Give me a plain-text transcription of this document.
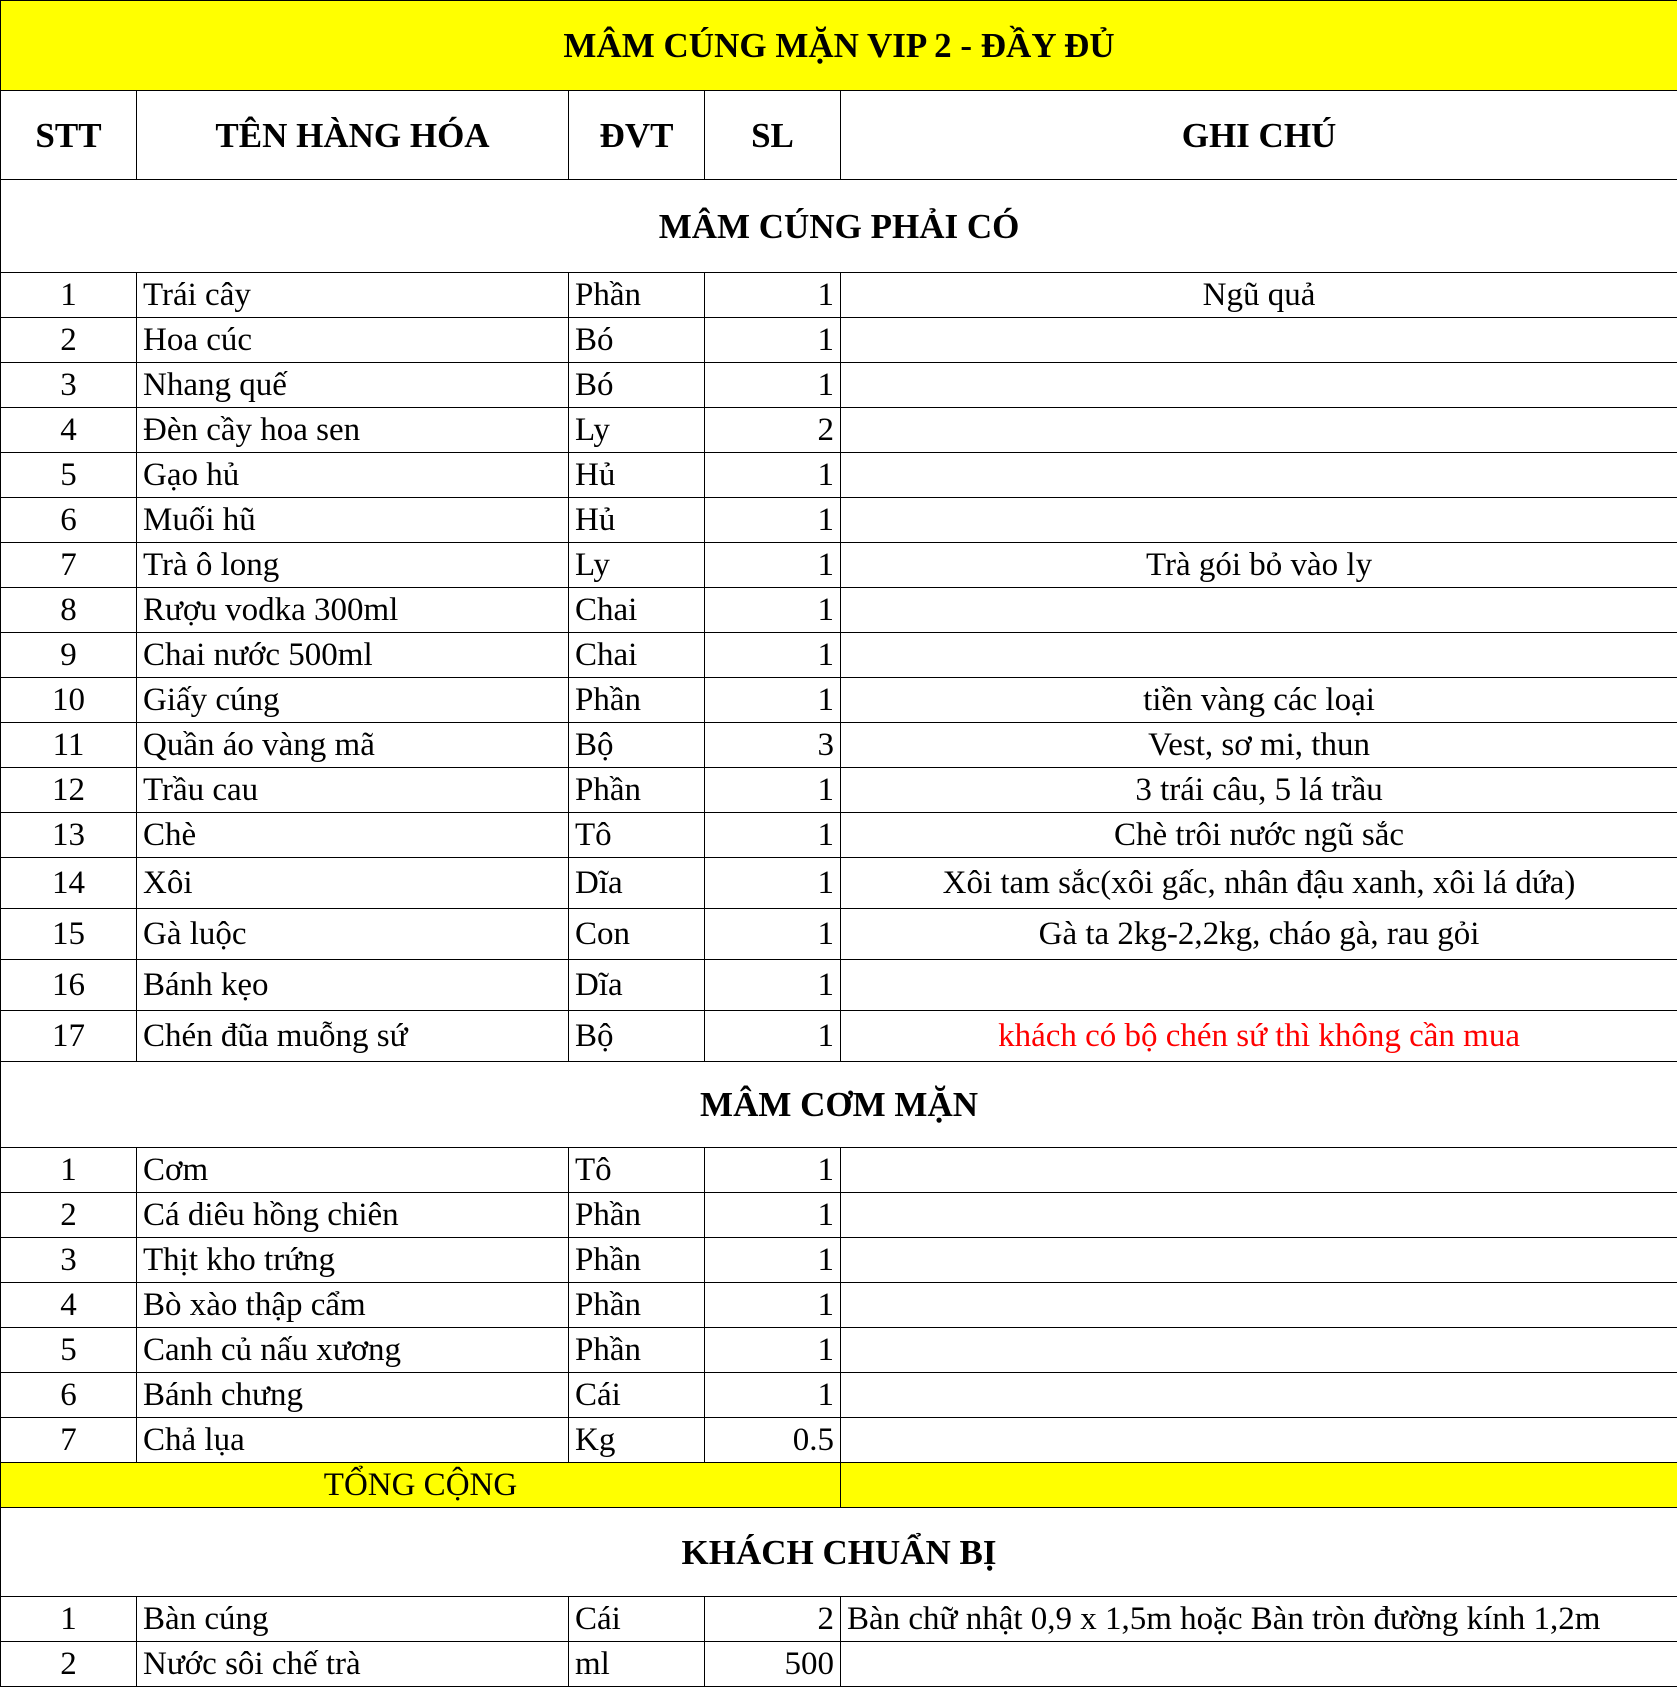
MÂM CÚNG MẶN VIP 2 - ĐẦY ĐỦ				
STT	TÊN HÀNG HÓA	ĐVT	SL	GHI CHÚ
MÂM CÚNG PHẢI CÓ				
1	Trái cây	Phần	1	Ngũ quả
2	Hoa cúc	Bó	1	
3	Nhang quế	Bó	1	
4	Đèn cầy hoa sen	Ly	2	
5	Gạo hủ	Hủ	1	
6	Muối hũ	Hủ	1	
7	Trà ô long	Ly	1	Trà gói bỏ vào ly
8	Rượu vodka 300ml	Chai	1	
9	Chai nước 500ml	Chai	1	
10	Giấy cúng	Phần	1	tiền vàng các loại
11	Quần áo vàng mã	Bộ	3	Vest, sơ mi, thun
12	Trầu cau	Phần	1	3 trái câu, 5 lá trầu
13	Chè	Tô	1	Chè trôi nước ngũ sắc
14	Xôi	Dĩa	1	Xôi tam sắc(xôi gấc, nhân đậu xanh, xôi lá dứa)
15	Gà luộc	Con	1	Gà ta 2kg-2,2kg, cháo gà, rau gỏi
16	Bánh kẹo	Dĩa	1	
17	Chén đũa muỗng sứ	Bộ	1	khách có bộ chén sứ thì không cần mua
MÂM CƠM MẶN				
1	Cơm	Tô	1	
2	Cá diêu hồng chiên	Phần	1	
3	Thịt kho trứng	Phần	1	
4	Bò xào thập cẩm	Phần	1	
5	Canh củ nấu xương	Phần	1	
6	Bánh chưng	Cái	1	
7	Chả lụa	Kg	0.5	
TỔNG CỘNG				
KHÁCH CHUẨN BỊ				
1	Bàn cúng	Cái	2	Bàn chữ nhật 0,9 x 1,5m hoặc Bàn tròn đường kính 1,2m
2	Nước sôi chế trà	ml	500	
